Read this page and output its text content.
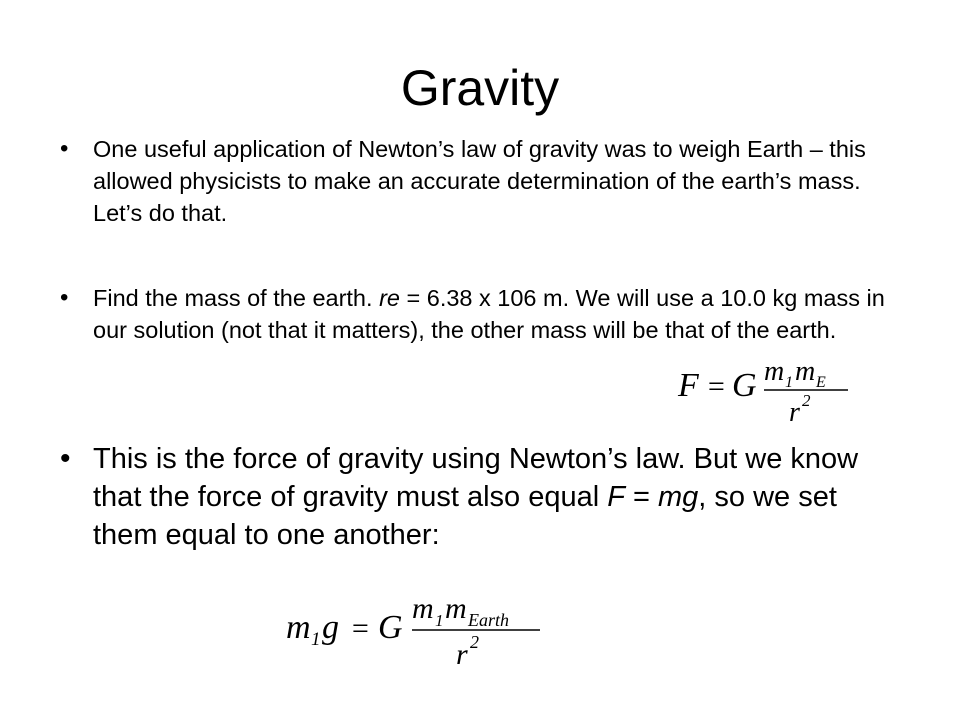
Gravity
•	One useful application of Newton’s law of gravity was to weigh Earth – this allowed physicists to make an accurate determination of the earth’s mass. Let’s do that.
•	Find the mass of the earth. re = 6.38 x 106 m. We will use a 10.0 kg mass in our solution (not that it matters), the other mass will be that of the earth.
• This is the force of gravity using Newton’s law. But we know that the force of gravity must also equal F = mg, so we set them equal to one another:
F = G m 1 m E
r 2
m 1 g = G
m 1 m Earth
r 2
